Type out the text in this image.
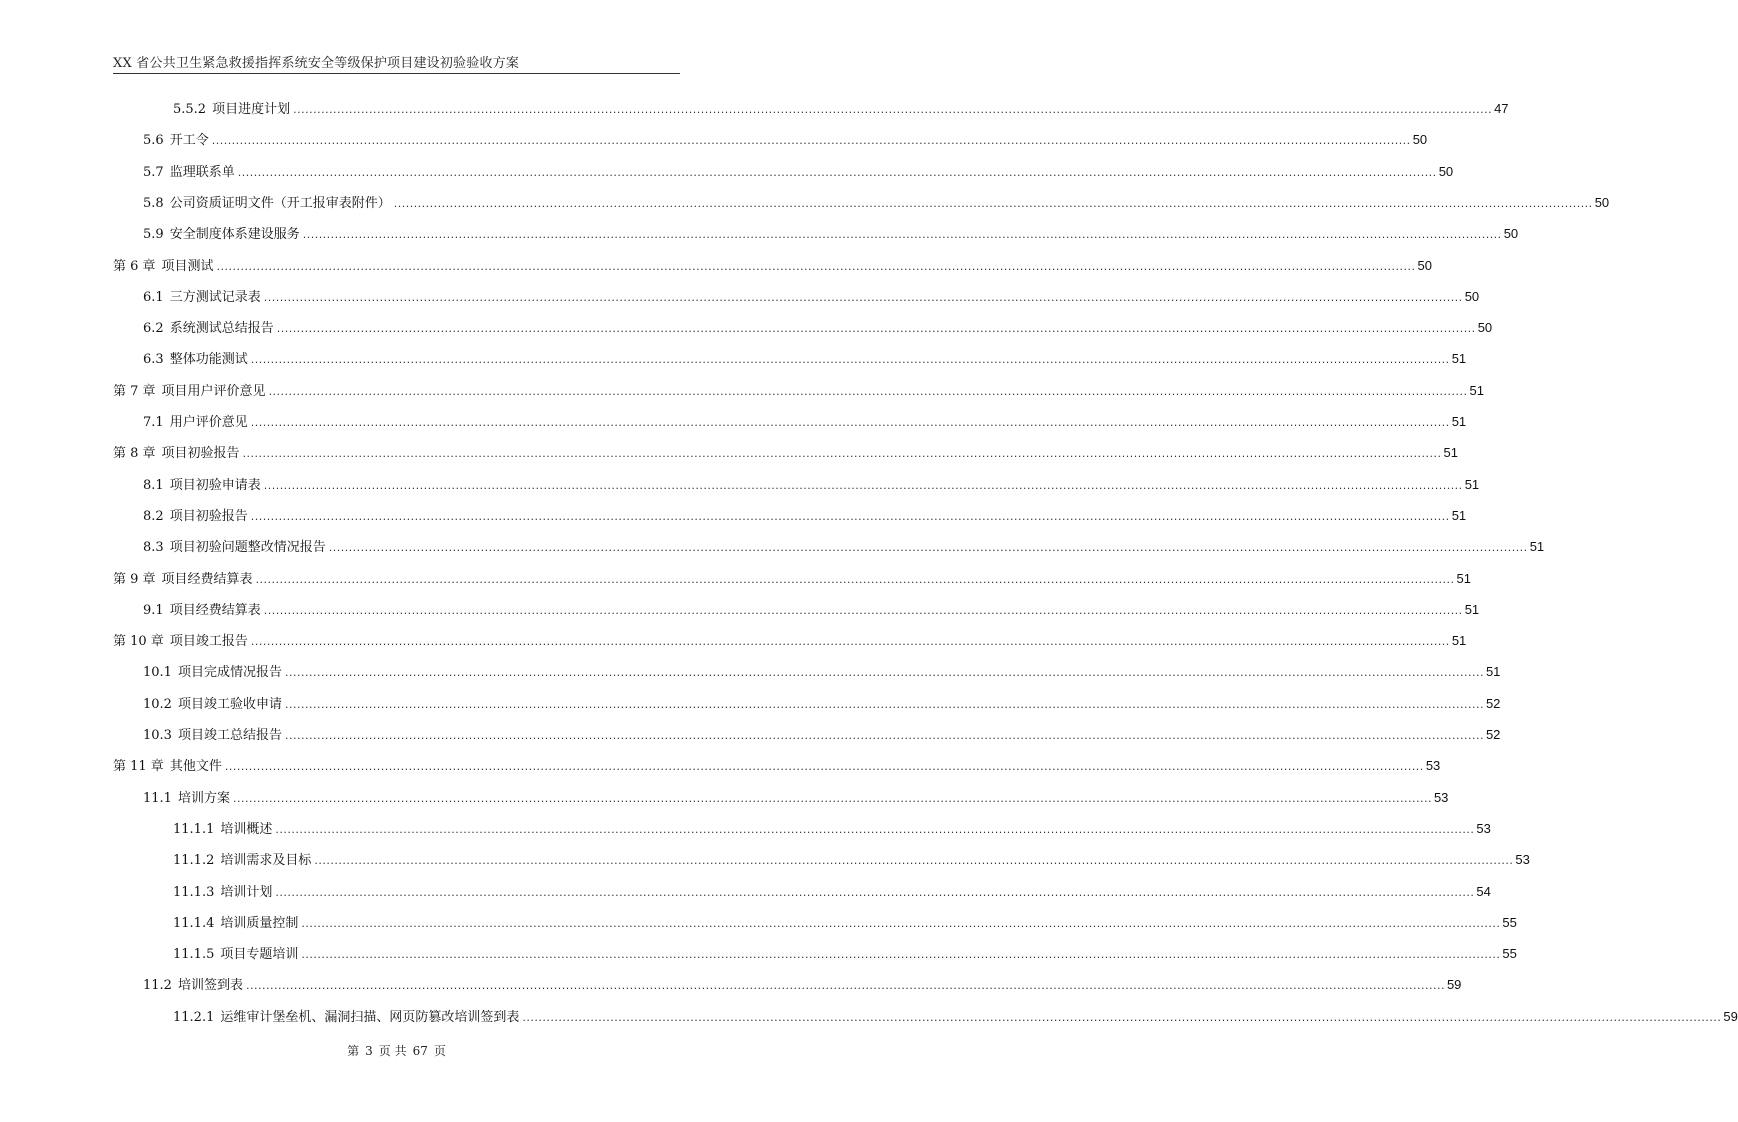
XX 省公共卫生紧急救援指挥系统安全等级保护项目建设初验验收方案
5.5.2 项目进度计划 ............................................................................................................................................................................................................................................................................................................ 47
5.6 开工令 ............................................................................................................................................................................................................................................................................................................ 50
5.7 监理联系单 ............................................................................................................................................................................................................................................................................................................ 50
5.8 公司资质证明文件（开工报审表附件） ............................................................................................................................................................................................................................................................................................................ 50
5.9 安全制度体系建设服务 ............................................................................................................................................................................................................................................................................................................ 50
第 6 章 项目测试 ............................................................................................................................................................................................................................................................................................................ 50
6.1 三方测试记录表 ............................................................................................................................................................................................................................................................................................................ 50
6.2 系统测试总结报告 ............................................................................................................................................................................................................................................................................................................ 50
6.3 整体功能测试 ............................................................................................................................................................................................................................................................................................................ 51
第 7 章 项目用户评价意见 ............................................................................................................................................................................................................................................................................................................ 51
7.1 用户评价意见 ............................................................................................................................................................................................................................................................................................................ 51
第 8 章 项目初验报告 ............................................................................................................................................................................................................................................................................................................ 51
8.1 项目初验申请表 ............................................................................................................................................................................................................................................................................................................ 51
8.2 项目初验报告 ............................................................................................................................................................................................................................................................................................................ 51
8.3 项目初验问题整改情况报告 ............................................................................................................................................................................................................................................................................................................ 51
第 9 章 项目经费结算表 ............................................................................................................................................................................................................................................................................................................ 51
9.1 项目经费结算表 ............................................................................................................................................................................................................................................................................................................ 51
第 10 章 项目竣工报告 ............................................................................................................................................................................................................................................................................................................ 51
10.1 项目完成情况报告 ............................................................................................................................................................................................................................................................................................................ 51
10.2 项目竣工验收申请 ............................................................................................................................................................................................................................................................................................................ 52
10.3 项目竣工总结报告 ............................................................................................................................................................................................................................................................................................................ 52
第 11 章 其他文件 ............................................................................................................................................................................................................................................................................................................ 53
11.1 培训方案 ............................................................................................................................................................................................................................................................................................................ 53
11.1.1 培训概述 ............................................................................................................................................................................................................................................................................................................ 53
11.1.2 培训需求及目标 ............................................................................................................................................................................................................................................................................................................ 53
11.1.3 培训计划 ............................................................................................................................................................................................................................................................................................................ 54
11.1.4 培训质量控制 ............................................................................................................................................................................................................................................................................................................ 55
11.1.5 项目专题培训 ............................................................................................................................................................................................................................................................................................................ 55
11.2 培训签到表 ............................................................................................................................................................................................................................................................................................................ 59
11.2.1 运维审计堡垒机、漏洞扫描、网页防篡改培训签到表 ............................................................................................................................................................................................................................................................................................................ 59
第 3 页 共 67 页
